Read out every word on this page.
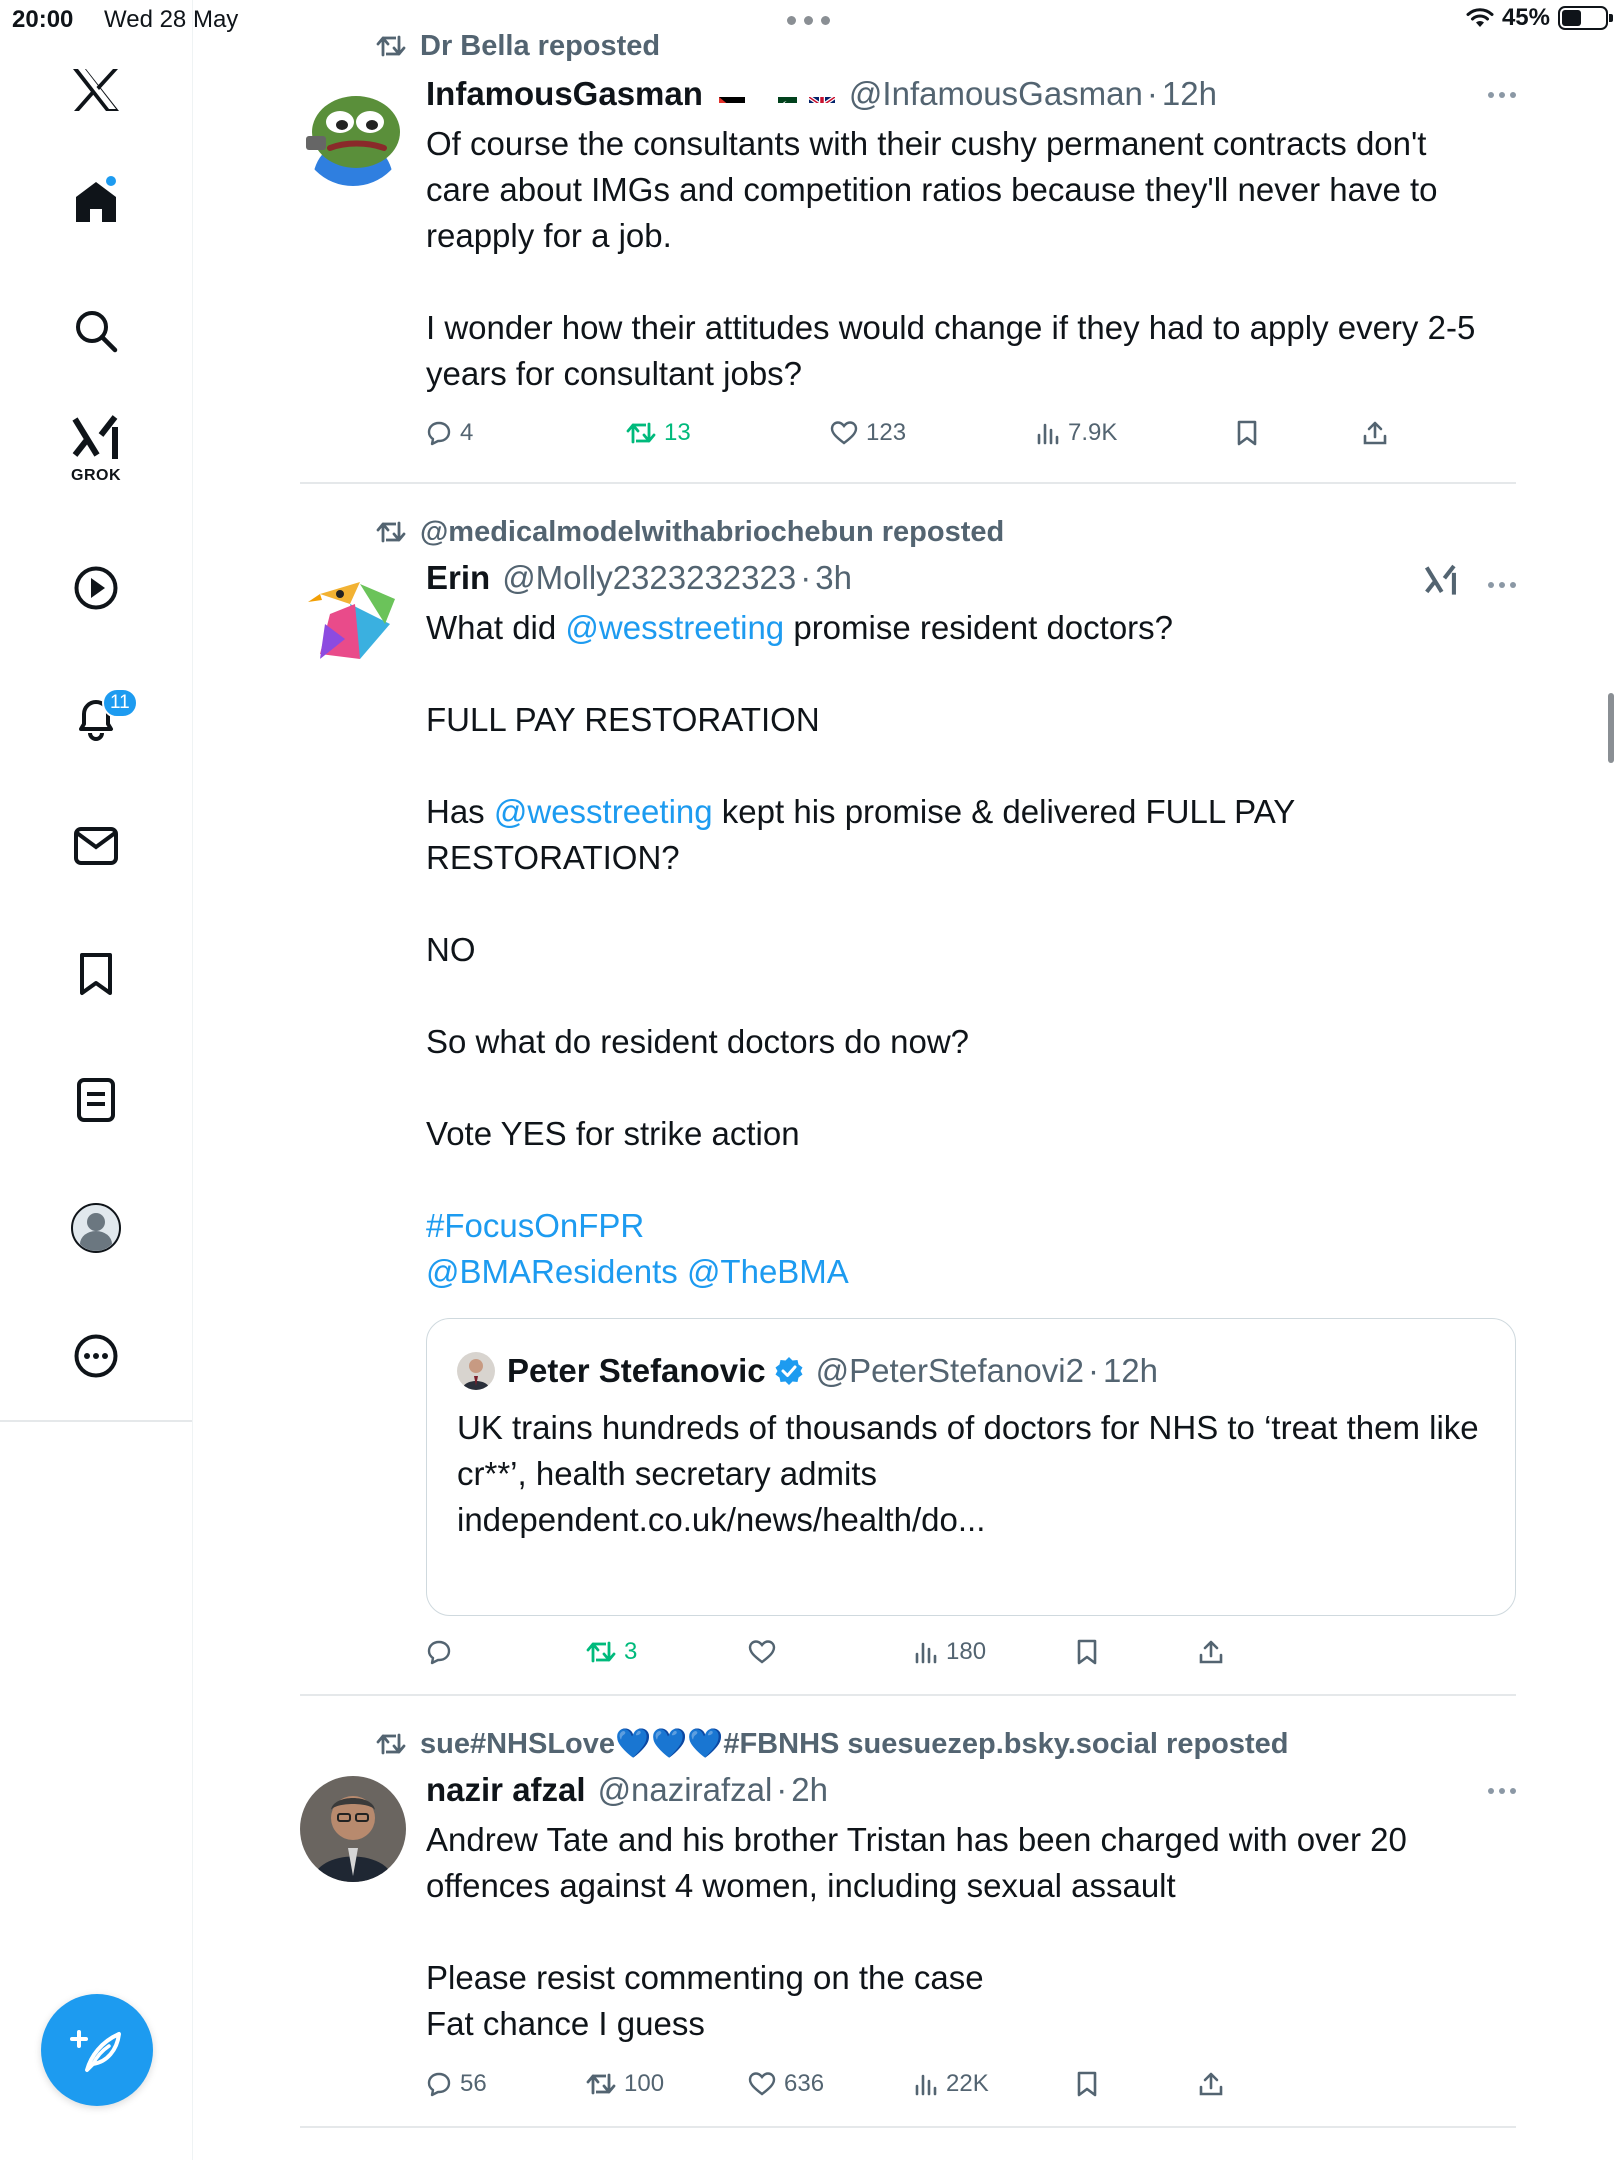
20:00 Wed 28 May	45%
GROK
11
Dr Bella reposted
InfamousGasman	@InfamousGasman · 12h

Of course the consultants with their cushy permanent contracts don't care about IMGs and competition ratios because they'll never have to reapply for a job.

I wonder how their attitudes would change if they had to apply every 2-5 years for consultant jobs?

4	13	123	7.9K
@medicalmodelwithabriochebun reposted
Erin @Molly2323232323 · 3h

What did @wesstreeting promise resident doctors?

FULL PAY RESTORATION

Has @wesstreeting kept his promise & delivered FULL PAY RESTORATION?

NO

So what do resident doctors do now?

Vote YES for strike action

#FocusOnFPR

@BMAResidents @TheBMA

Peter Stefanovic @PeterStefanovi2 · 12h

UK trains hundreds of thousands of doctors for NHS to ‘treat them like cr**’, health secretary admits

independent.co.uk/news/health/do...

3	180
sue#NHSLove💙💙💙#FBNHS suesuezep.bsky.social reposted
nazir afzal @nazirafzal · 2h

Andrew Tate and his brother Tristan has been charged with over 20 offences against 4 women, including sexual assault

Please resist commenting on the case

Fat chance I guess

56	100	636	22K
